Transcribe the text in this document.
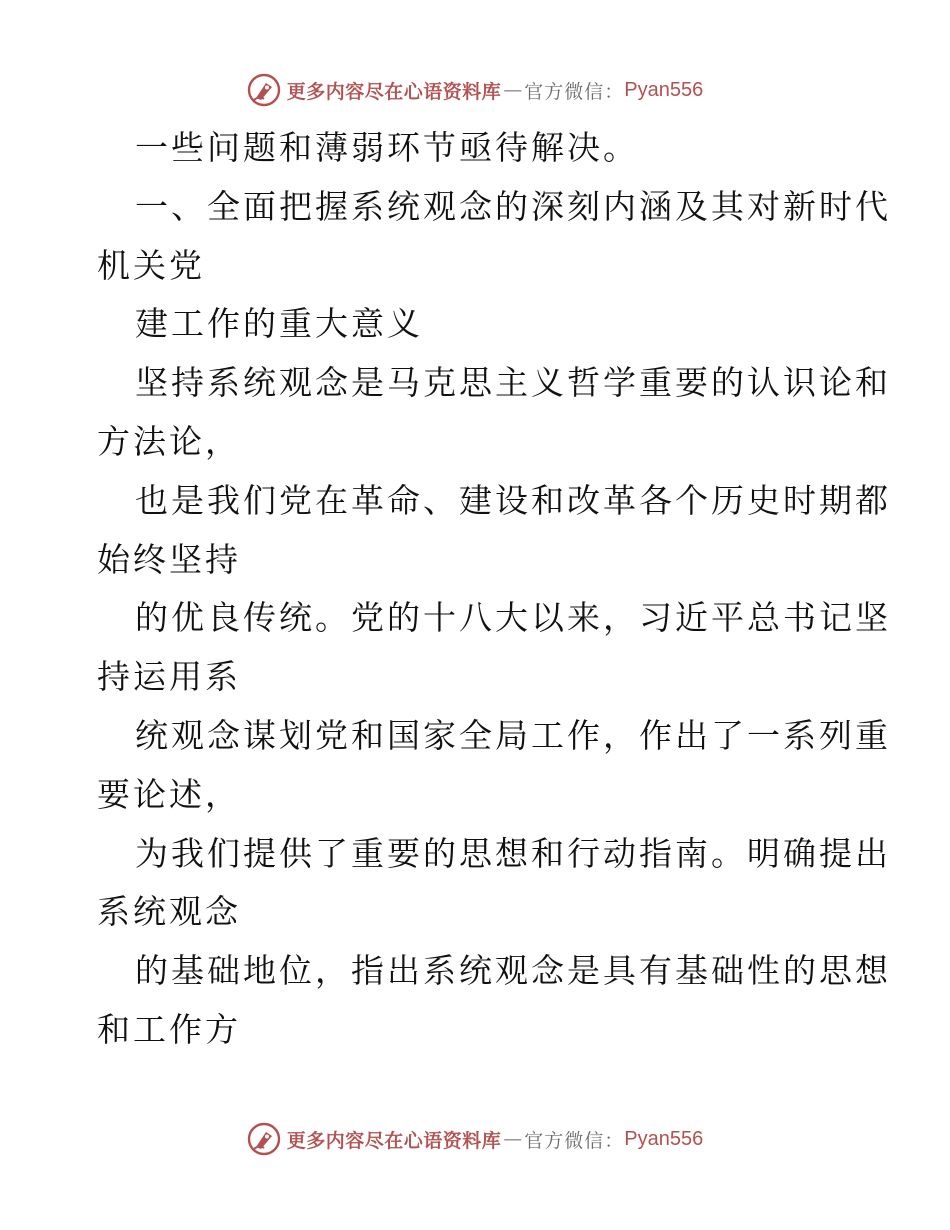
更多内容尽在心语资料库 — 官方微信： Pyan556
一些问题和薄弱环节亟待解决。
一、全面把握系统观念的深刻内涵及其对新时代
机关党
建工作的重大意义
坚持系统观念是马克思主义哲学重要的认识论和
方法论，
也是我们党在革命、建设和改革各个历史时期都
始终坚持
的优良传统。党的十八大以来，习近平总书记坚
持运用系
统观念谋划党和国家全局工作，作出了一系列重
要论述，
为我们提供了重要的思想和行动指南。明确提出
系统观念
的基础地位，指出系统观念是具有基础性的思想
和工作方
更多内容尽在心语资料库 — 官方微信： Pyan556
